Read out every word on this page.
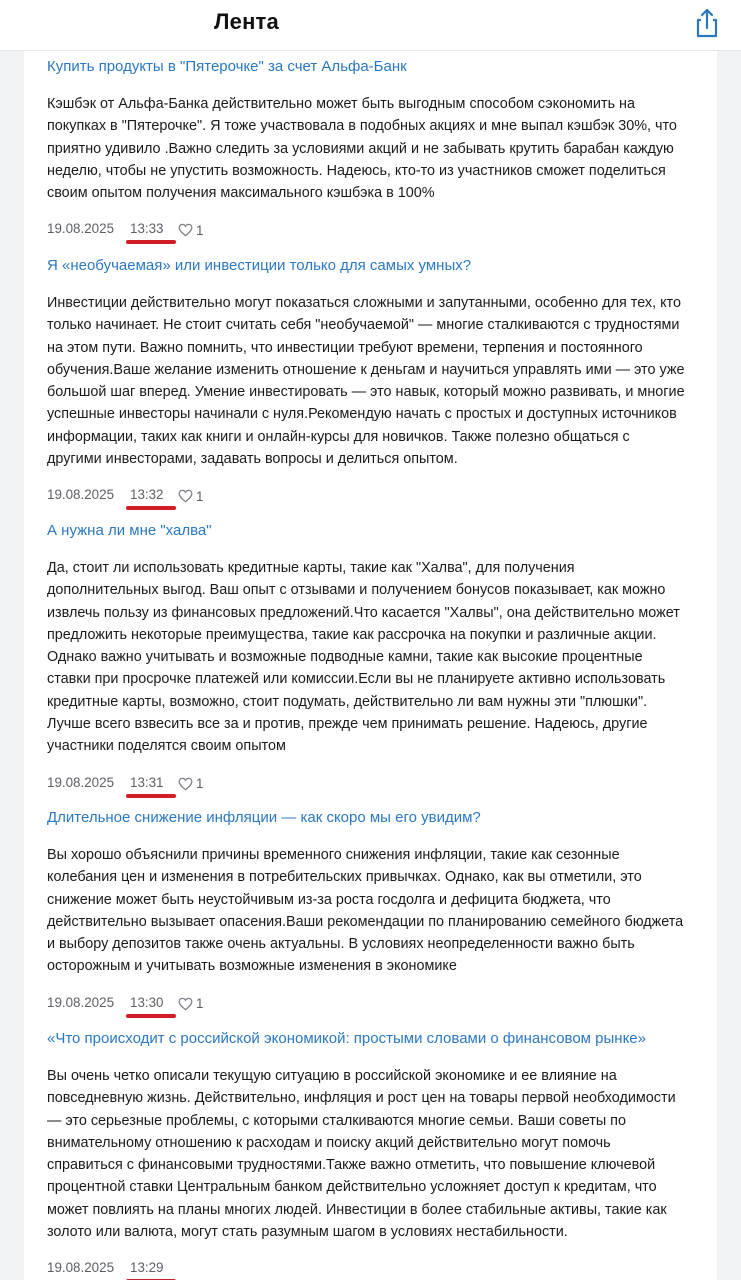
Лента
Купить продукты в "Пятерочке" за счет Альфа-Банк
Кэшбэк от Альфа-Банка действительно может быть выгодным способом сэкономить на
покупках в "Пятерочке". Я тоже участвовала в подобных акциях и мне выпал кэшбэк 30%, что
приятно удивило .Важно следить за условиями акций и не забывать крутить барабан каждую
неделю, чтобы не упустить возможность. Надеюсь, кто-то из участников сможет поделиться
своим опытом получения максимального кэшбэка в 100%
19.08.2025 13:33 1
Я «необучаемая» или инвестиции только для самых умных?
Инвестиции действительно могут показаться сложными и запутанными, особенно для тех, кто
только начинает. Не стоит считать себя "необучаемой" — многие сталкиваются с трудностями
на этом пути. Важно помнить, что инвестиции требуют времени, терпения и постоянного
обучения.Ваше желание изменить отношение к деньгам и научиться управлять ими — это уже
большой шаг вперед. Умение инвестировать — это навык, который можно развивать, и многие
успешные инвесторы начинали с нуля.Рекомендую начать с простых и доступных источников
информации, таких как книги и онлайн-курсы для новичков. Также полезно общаться с
другими инвесторами, задавать вопросы и делиться опытом.
19.08.2025 13:32 1
А нужна ли мне "халва"
Да, стоит ли использовать кредитные карты, такие как "Халва", для получения
дополнительных выгод. Ваш опыт с отзывами и получением бонусов показывает, как можно
извлечь пользу из финансовых предложений.Что касается "Халвы", она действительно может
предложить некоторые преимущества, такие как рассрочка на покупки и различные акции.
Однако важно учитывать и возможные подводные камни, такие как высокие процентные
ставки при просрочке платежей или комиссии.Если вы не планируете активно использовать
кредитные карты, возможно, стоит подумать, действительно ли вам нужны эти "плюшки".
Лучше всего взвесить все за и против, прежде чем принимать решение. Надеюсь, другие
участники поделятся своим опытом
19.08.2025 13:31 1
Длительное снижение инфляции — как скоро мы его увидим?
Вы хорошо объяснили причины временного снижения инфляции, такие как сезонные
колебания цен и изменения в потребительских привычках. Однако, как вы отметили, это
снижение может быть неустойчивым из-за роста госдолга и дефицита бюджета, что
действительно вызывает опасения.Ваши рекомендации по планированию семейного бюджета
и выбору депозитов также очень актуальны. В условиях неопределенности важно быть
осторожным и учитывать возможные изменения в экономике
19.08.2025 13:30 1
«Что происходит с российской экономикой: простыми словами о финансовом рынке»
Вы очень четко описали текущую ситуацию в российской экономике и ее влияние на
повседневную жизнь. Действительно, инфляция и рост цен на товары первой необходимости
— это серьезные проблемы, с которыми сталкиваются многие семьи. Ваши советы по
внимательному отношению к расходам и поиску акций действительно могут помочь
справиться с финансовыми трудностями.Также важно отметить, что повышение ключевой
процентной ставки Центральным банком действительно усложняет доступ к кредитам, что
может повлиять на планы многих людей. Инвестиции в более стабильные активы, такие как
золото или валюта, могут стать разумным шагом в условиях нестабильности.
19.08.2025 13:29
